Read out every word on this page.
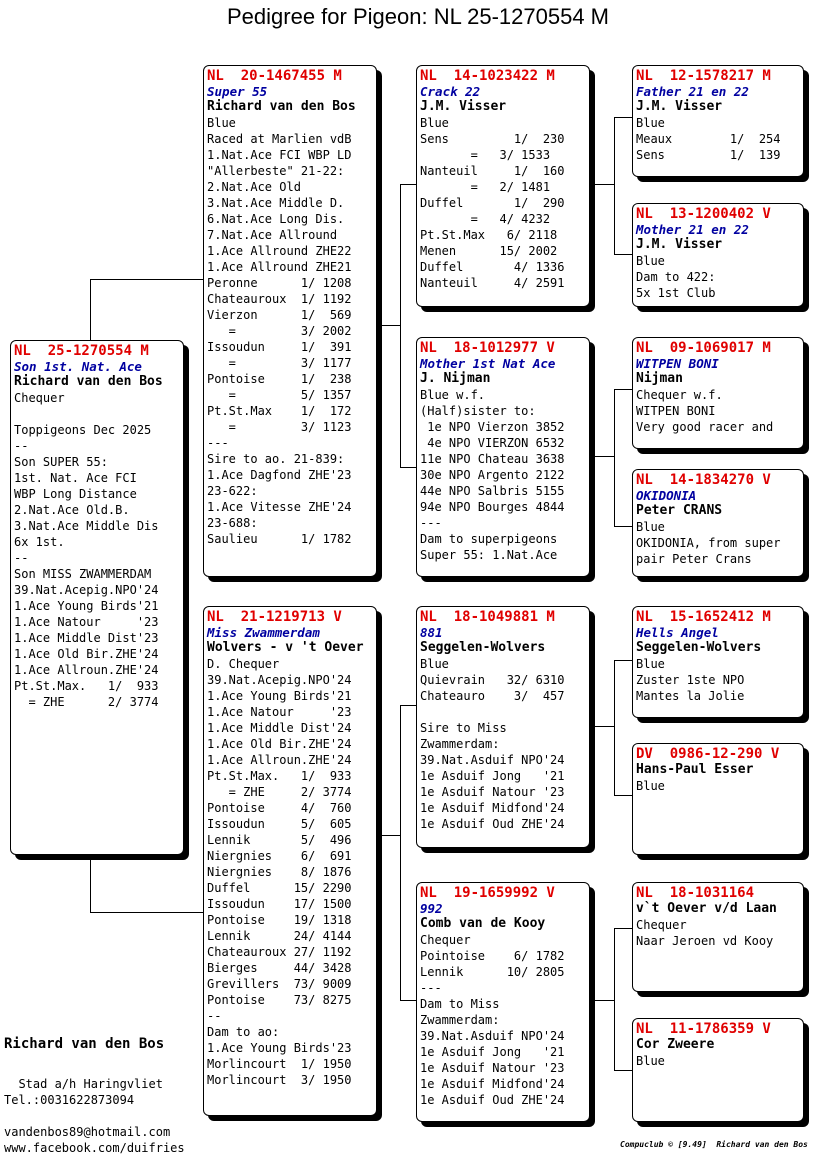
Pedigree for Pigeon: NL 25-1270554 M
NL  25-1270554 M
Son 1st. Nat. Ace
Richard van den Bos
Chequer
Toppigeons Dec 2025
--
Son SUPER 55:
1st. Nat. Ace FCI
WBP Long Distance
2.Nat.Ace Old.B.
3.Nat.Ace Middle Dis
6x 1st.
--
Son MISS ZWAMMERDAM
39.Nat.Acepig.NPO'24
1.Ace Young Birds'21
1.Ace Natour     '23
1.Ace Middle Dist'23
1.Ace Old Bir.ZHE'24
1.Ace Allroun.ZHE'24
Pt.St.Max.   1/  933
= ZHE      2/ 3774
NL  20-1467455 M
Super 55
Richard van den Bos
Blue
Raced at Marlien vdB
1.Nat.Ace FCI WBP LD
"Allerbeste" 21-22:
2.Nat.Ace Old
3.Nat.Ace Middle D.
6.Nat.Ace Long Dis.
7.Nat.Ace Allround
1.Ace Allround ZHE22
1.Ace Allround ZHE21
Peronne      1/ 1208
Chateauroux  1/ 1192
Vierzon      1/  569
=         3/ 2002
Issoudun     1/  391
=         3/ 1177
Pontoise     1/  238
=         5/ 1357
Pt.St.Max    1/  172
=         3/ 1123
---
Sire to ao. 21-839:
1.Ace Dagfond ZHE'23
23-622:
1.Ace Vitesse ZHE'24
23-688:
Saulieu      1/ 1782
NL  21-1219713 V
Miss Zwammerdam
Wolvers - v 't Oever
D. Chequer
39.Nat.Acepig.NPO'24
1.Ace Young Birds'21
1.Ace Natour     '23
1.Ace Middle Dist'24
1.Ace Old Bir.ZHE'24
1.Ace Allroun.ZHE'24
Pt.St.Max.   1/  933
= ZHE     2/ 3774
Pontoise     4/  760
Issoudun     5/  605
Lennik       5/  496
Niergnies    6/  691
Niergnies    8/ 1876
Duffel      15/ 2290
Issoudun    17/ 1500
Pontoise    19/ 1318
Lennik      24/ 4144
Chateauroux 27/ 1192
Bierges     44/ 3428
Grevillers  73/ 9009
Pontoise    73/ 8275
--
Dam to ao:
1.Ace Young Birds'23
Morlincourt  1/ 1950
Morlincourt  3/ 1950
NL  14-1023422 M
Crack 22
J.M. Visser
Blue
Sens         1/  230
=   3/ 1533
Nanteuil     1/  160
=   2/ 1481
Duffel       1/  290
=   4/ 4232
Pt.St.Max   6/ 2118
Menen      15/ 2002
Duffel       4/ 1336
Nanteuil     4/ 2591
NL  18-1012977 V
Mother 1st Nat Ace
J. Nijman
Blue w.f.
(Half)sister to:
1e NPO Vierzon 3852
4e NPO VIERZON 6532
11e NPO Chateau 3638
30e NPO Argento 2122
44e NPO Salbris 5155
94e NPO Bourges 4844
---
Dam to superpigeons
Super 55: 1.Nat.Ace
NL  18-1049881 M
881
Seggelen-Wolvers
Blue
Quievrain   32/ 6310
Chateauro    3/  457
Sire to Miss
Zwammerdam:
39.Nat.Asduif NPO'24
1e Asduif Jong   '21
1e Asduif Natour '23
1e Asduif Midfond'24
1e Asduif Oud ZHE'24
NL  19-1659992 V
992
Comb van de Kooy
Chequer
Pointoise    6/ 1782
Lennik      10/ 2805
---
Dam to Miss
Zwammerdam:
39.Nat.Asduif NPO'24
1e Asduif Jong   '21
1e Asduif Natour '23
1e Asduif Midfond'24
1e Asduif Oud ZHE'24
NL  12-1578217 M
Father 21 en 22
J.M. Visser
Blue
Meaux        1/  254
Sens         1/  139
NL  13-1200402 V
Mother 21 en 22
J.M. Visser
Blue
Dam to 422:
5x 1st Club
NL  09-1069017 M
WITPEN BONI
Nijman
Chequer w.f.
WITPEN BONI
Very good racer and
NL  14-1834270 V
OKIDONIA
Peter CRANS
Blue
OKIDONIA, from super
pair Peter Crans
NL  15-1652412 M
Hells Angel
Seggelen-Wolvers
Blue
Zuster 1ste NPO
Mantes la Jolie
DV  0986-12-290 V
Hans-Paul Esser
Blue
NL  18-1031164
v`t Oever v/d Laan
Chequer
Naar Jeroen vd Kooy
NL  11-1786359 V
Cor Zweere
Blue
Richard van den Bos
Stad a/h Haringvliet
Tel.:0031622873094
vandenbos89@hotmail.com
www.facebook.com/duifries	Compuclub © [9.49]  Richard van den Bos
